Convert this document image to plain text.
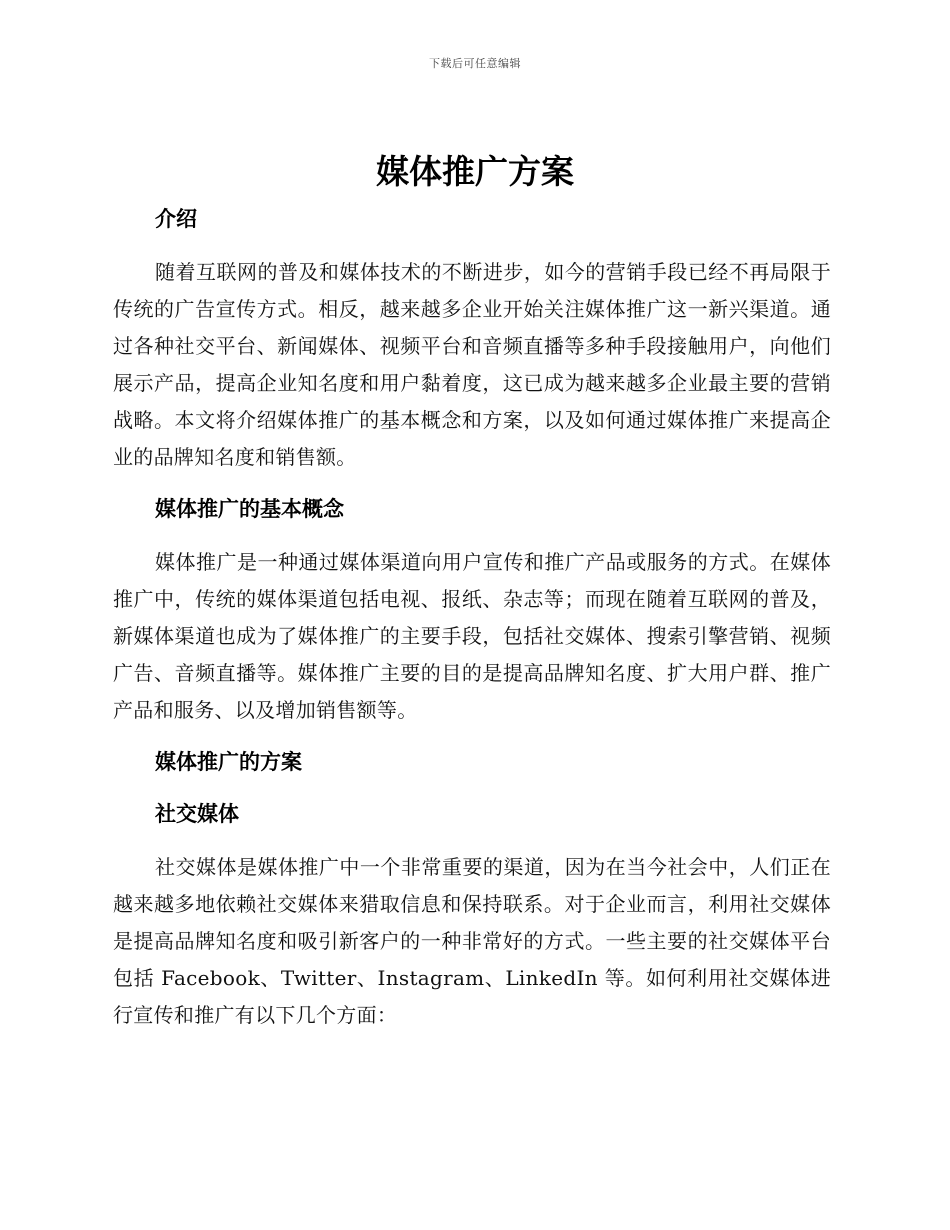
下载后可任意编辑
媒体推广方案
介绍

随着互联网的普及和媒体技术的不断进步，如今的营销手段已经不再局限于传统的广告宣传方式。相反，越来越多企业开始关注媒体推广这一新兴渠道。通过各种社交平台、新闻媒体、视频平台和音频直播等多种手段接触用户，向他们展示产品，提高企业知名度和用户黏着度，这已成为越来越多企业最主要的营销战略。本文将介绍媒体推广的基本概念和方案，以及如何通过媒体推广来提高企业的品牌知名度和销售额。

媒体推广的基本概念

媒体推广是一种通过媒体渠道向用户宣传和推广产品或服务的方式。在媒体推广中，传统的媒体渠道包括电视、报纸、杂志等；而现在随着互联网的普及，新媒体渠道也成为了媒体推广的主要手段，包括社交媒体、搜索引擎营销、视频广告、音频直播等。媒体推广主要的目的是提高品牌知名度、扩大用户群、推广产品和服务、以及增加销售额等。

媒体推广的方案
社交媒体

社交媒体是媒体推广中一个非常重要的渠道，因为在当今社会中，人们正在越来越多地依赖社交媒体来猎取信息和保持联系。对于企业而言，利用社交媒体是提高品牌知名度和吸引新客户的一种非常好的方式。一些主要的社交媒体平台包括 Facebook、Twitter、Instagram、LinkedIn 等。如何利用社交媒体进行宣传和推广有以下几个方面：
